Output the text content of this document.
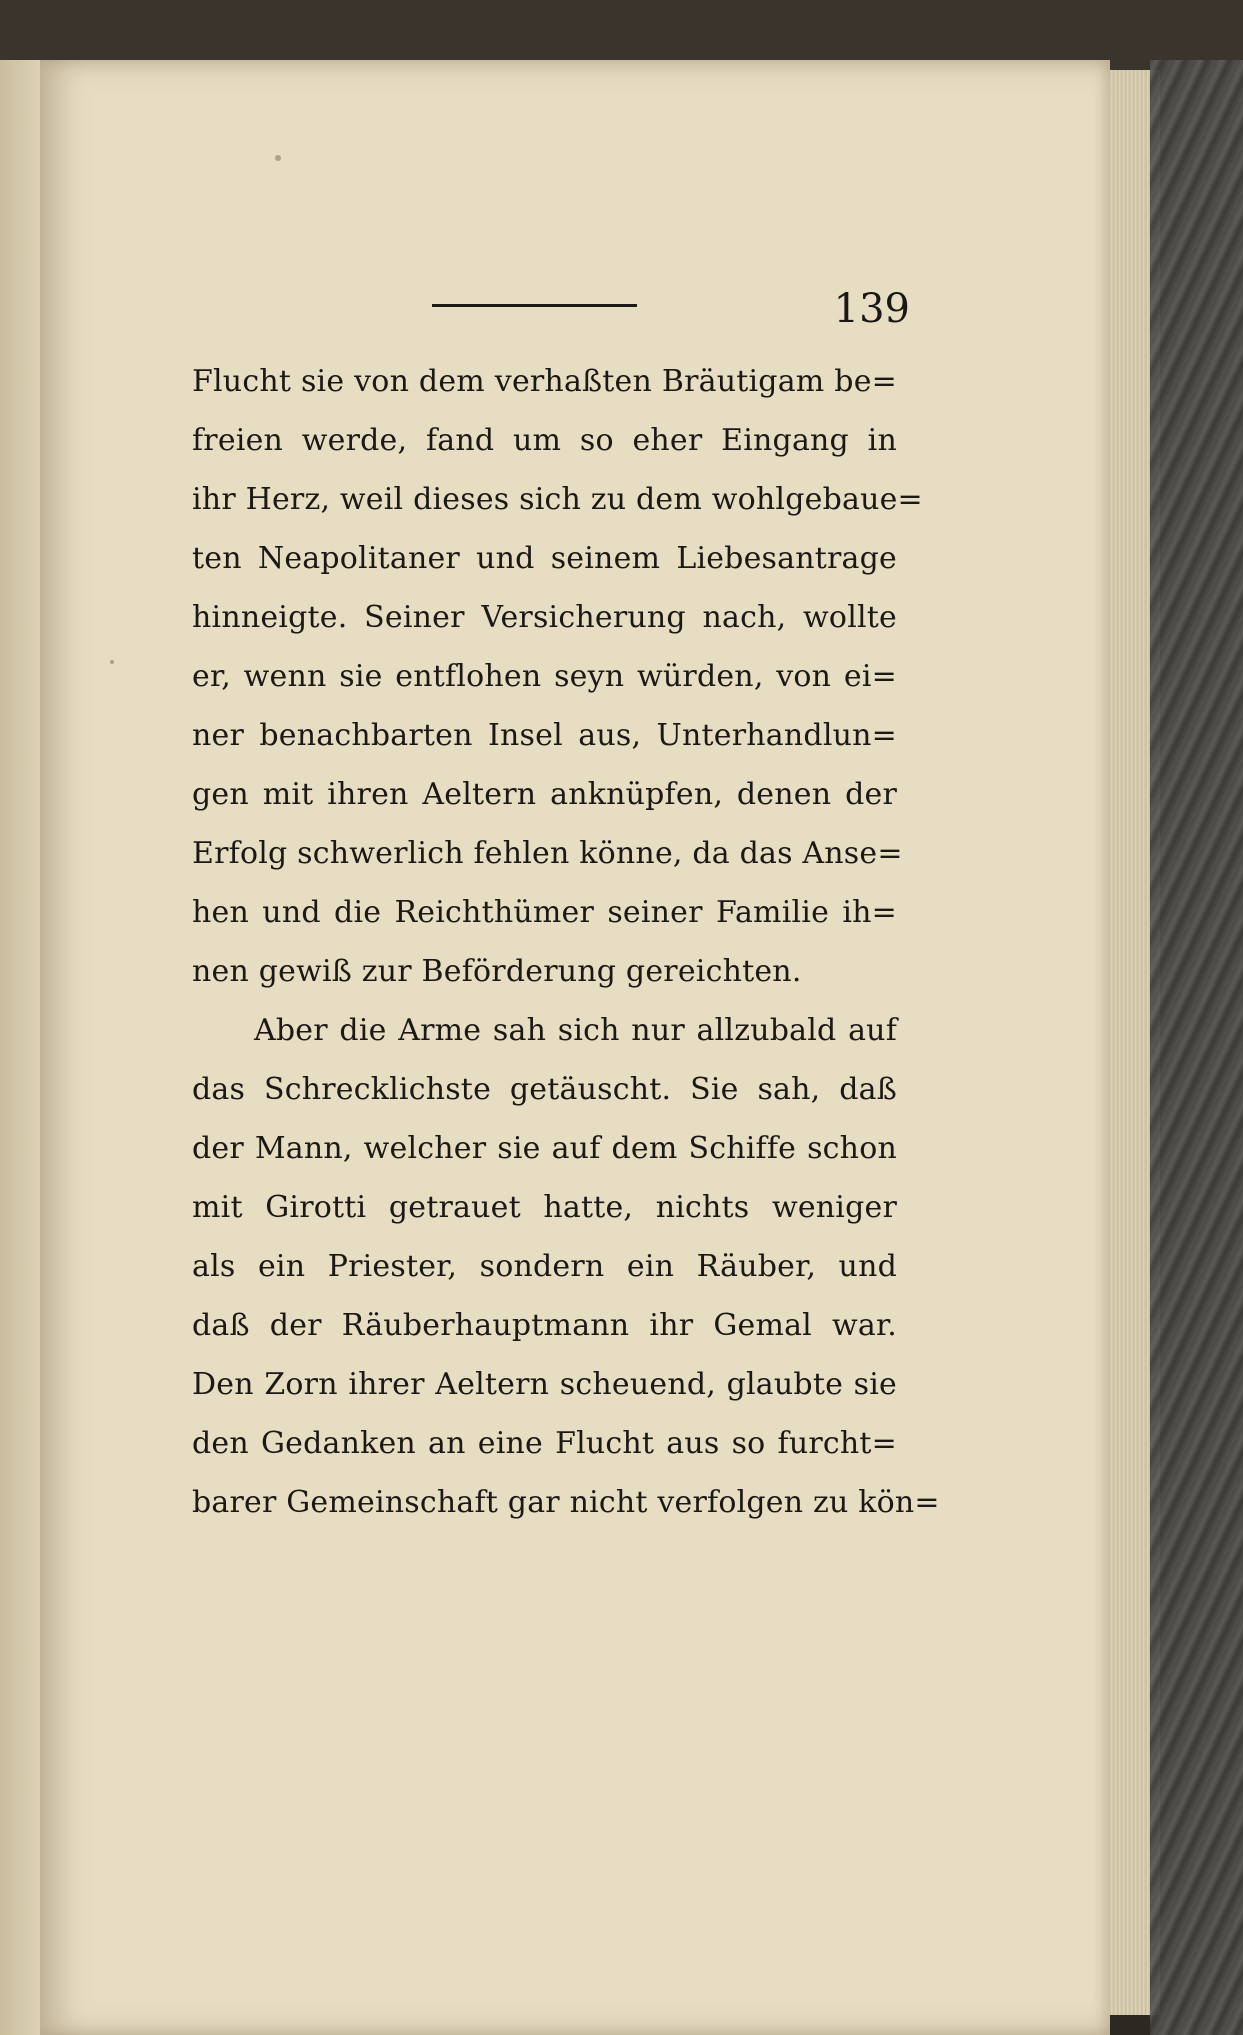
139
Flucht sie von dem verhaßten Bräutigam be=
freien werde, fand um so eher Eingang in
ihr Herz, weil dieses sich zu dem wohlgebaue=
ten Neapolitaner und seinem Liebesantrage
hinneigte. Seiner Versicherung nach, wollte
er, wenn sie entflohen seyn würden, von ei=
ner benachbarten Insel aus, Unterhandlun=
gen mit ihren Aeltern anknüpfen, denen der
Erfolg schwerlich fehlen könne, da das Anse=
hen und die Reichthümer seiner Familie ih=
nen gewiß zur Beförderung gereichten.
Aber die Arme sah sich nur allzubald auf
das Schrecklichste getäuscht. Sie sah, daß
der Mann, welcher sie auf dem Schiffe schon
mit Girotti getrauet hatte, nichts weniger
als ein Priester, sondern ein Räuber, und
daß der Räuberhauptmann ihr Gemal war.
Den Zorn ihrer Aeltern scheuend, glaubte sie
den Gedanken an eine Flucht aus so furcht=
barer Gemeinschaft gar nicht verfolgen zu kön=
